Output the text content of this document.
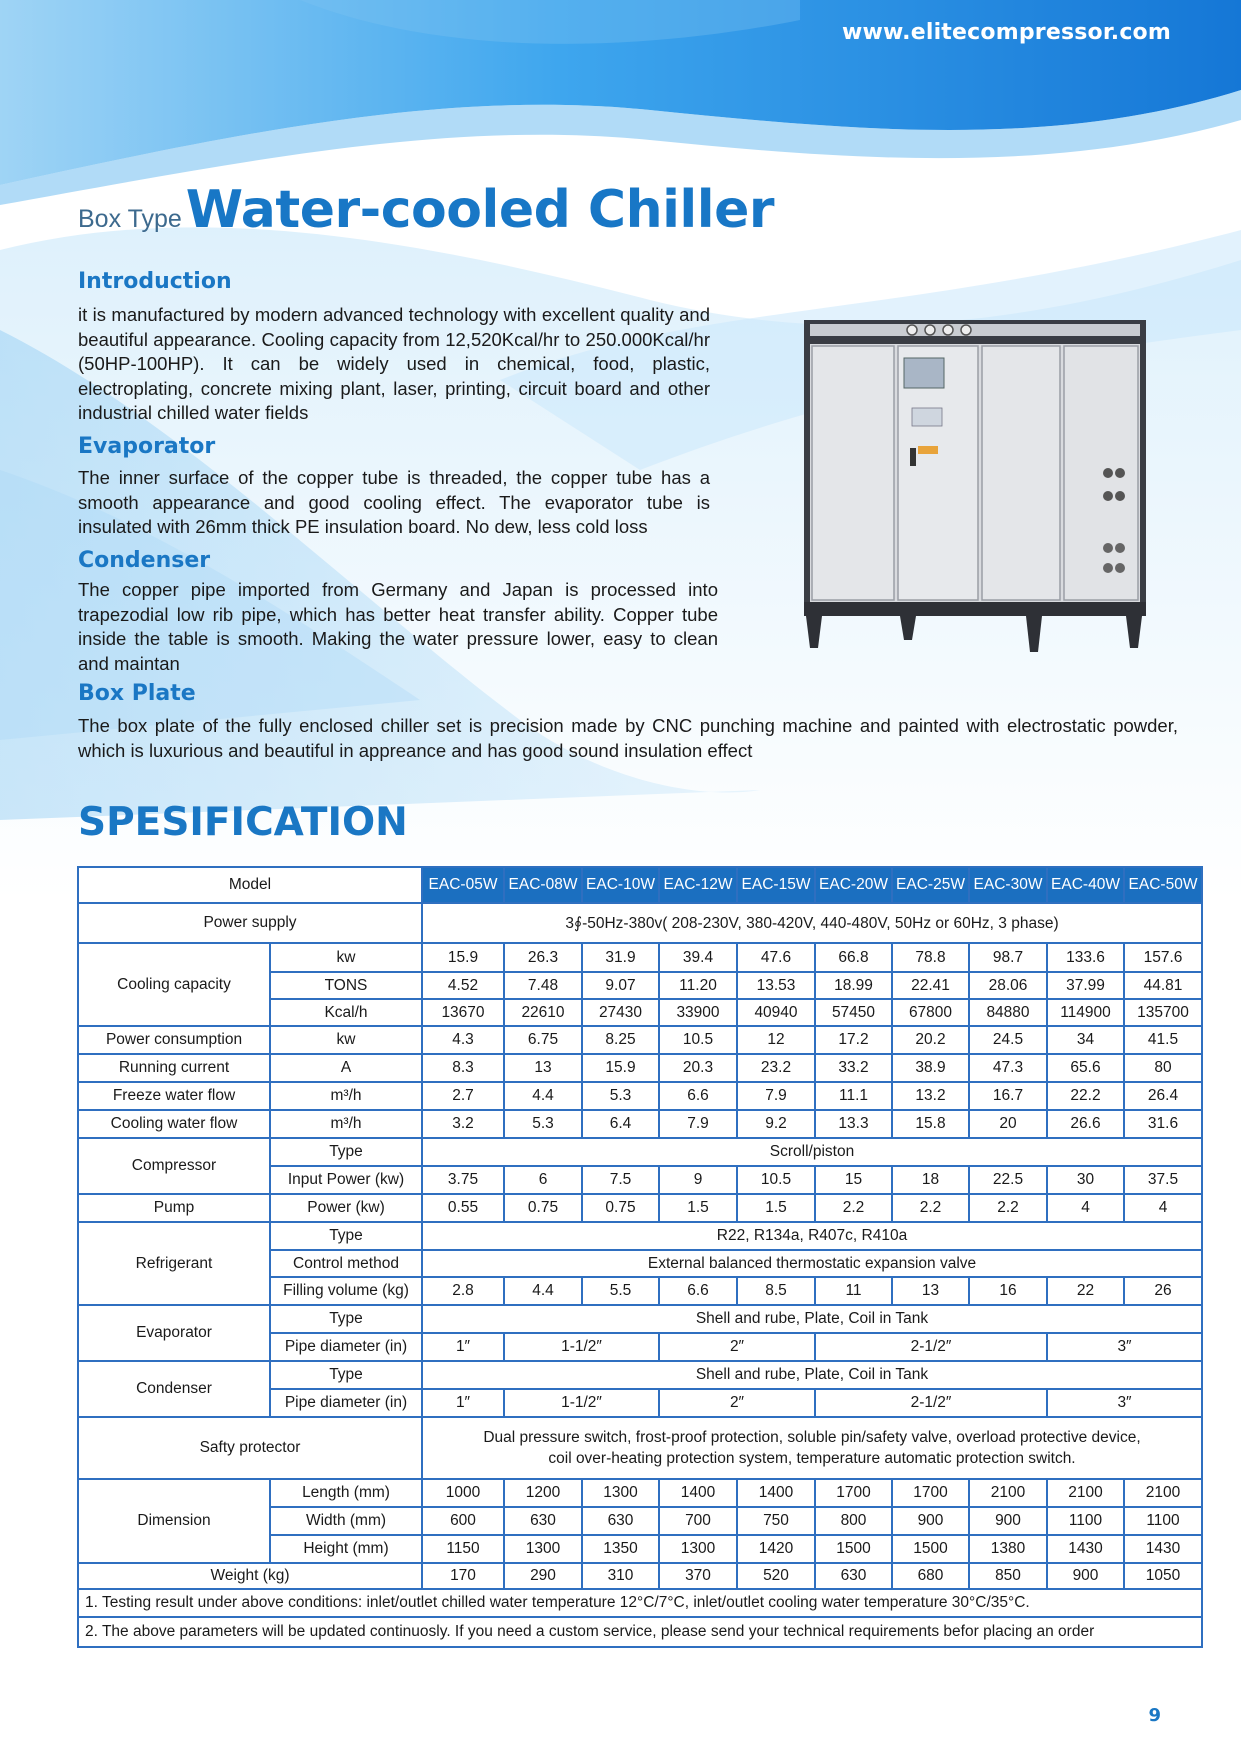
www.elitecompressor.com
Box TypeWater-cooled Chiller
Introduction

it is manufactured by modern advanced technology with excellent quality and beautiful appearance. Cooling capacity from 12,520Kcal/hr to 250.000Kcal/hr (50HP-100HP). It can be widely used in chemical, food, plastic, electroplating, concrete mixing plant, laser, printing, circuit board and other industrial chilled water fields

Evaporator

The inner surface of the copper tube is threaded, the copper tube has a smooth appearance and good cooling effect. The evaporator tube is insulated with 26mm thick PE insulation board. No dew, less cold loss

Condenser

The copper pipe imported from Germany and Japan is processed into trapezodial low rib pipe, which has better heat transfer ability. Copper tube inside the table is smooth. Making the water pressure lower, easy to clean and maintan

Box Plate

The box plate of the fully enclosed chiller set is precision made by CNC punching machine and painted with electrostatic powder, which is luxurious and beautiful in appreance and has good sound insulation effect

SPESIFICATION
Model		EAC-05W	EAC-08W	EAC-10W	EAC-12W	EAC-15W	EAC-20W	EAC-25W	EAC-30W	EAC-40W	EAC-50W
Power supply		3∮-50Hz-380v( 208-230V, 380-420V, 440-480V, 50Hz or 60Hz, 3 phase)									
Cooling capacity	kw	15.9	26.3	31.9	39.4	47.6	66.8	78.8	98.7	133.6	157.6
	TONS	4.52	7.48	9.07	11.20	13.53	18.99	22.41	28.06	37.99	44.81
	Kcal/h	13670	22610	27430	33900	40940	57450	67800	84880	114900	135700
Power consumption	kw	4.3	6.75	8.25	10.5	12	17.2	20.2	24.5	34	41.5
Running current	A	8.3	13	15.9	20.3	23.2	33.2	38.9	47.3	65.6	80
Freeze water flow	m³/h	2.7	4.4	5.3	6.6	7.9	11.1	13.2	16.7	22.2	26.4
Cooling water flow	m³/h	3.2	5.3	6.4	7.9	9.2	13.3	15.8	20	26.6	31.6
Compressor	Type	Scroll/piston									
	Input Power (kw)	3.75	6	7.5	9	10.5	15	18	22.5	30	37.5
Pump	Power (kw)	0.55	0.75	0.75	1.5	1.5	2.2	2.2	2.2	4	4
Refrigerant	Type	R22, R134a, R407c, R410a									
	Control method	External balanced thermostatic expansion valve									
	Filling volume (kg)	2.8	4.4	5.5	6.6	8.5	11	13	16	22	26
Evaporator	Type	Shell and rube, Plate, Coil in Tank									
	Pipe diameter (in)	1″	1-1/2″		2″		2-1/2″			3″	
Condenser	Type	Shell and rube, Plate, Coil in Tank									
	Pipe diameter (in)	1″	1-1/2″		2″		2-1/2″			3″	
Safty protector		Dual pressure switch, frost-proof protection, soluble pin/safety valve, overload protective device,
coil over-heating protection system, temperature automatic protection switch.									

Dimension	Length (mm)	1000	1200	1300	1400	1400	1700	1700	2100	2100	2100
	Width (mm)	600	630	630	700	750	800	900	900	1100	1100
	Height (mm)	1150	1300	1350	1300	1420	1500	1500	1380	1430	1430
Weight (kg)		170	290	310	370	520	630	680	850	900	1050
1. Testing result under above conditions: inlet/outlet chilled water temperature 12°C/7°C, inlet/outlet cooling water temperature 30°C/35°C.											
2. The above parameters will be updated continuosly. If you need a custom service, please send your technical requirements befor placing an order											
9
